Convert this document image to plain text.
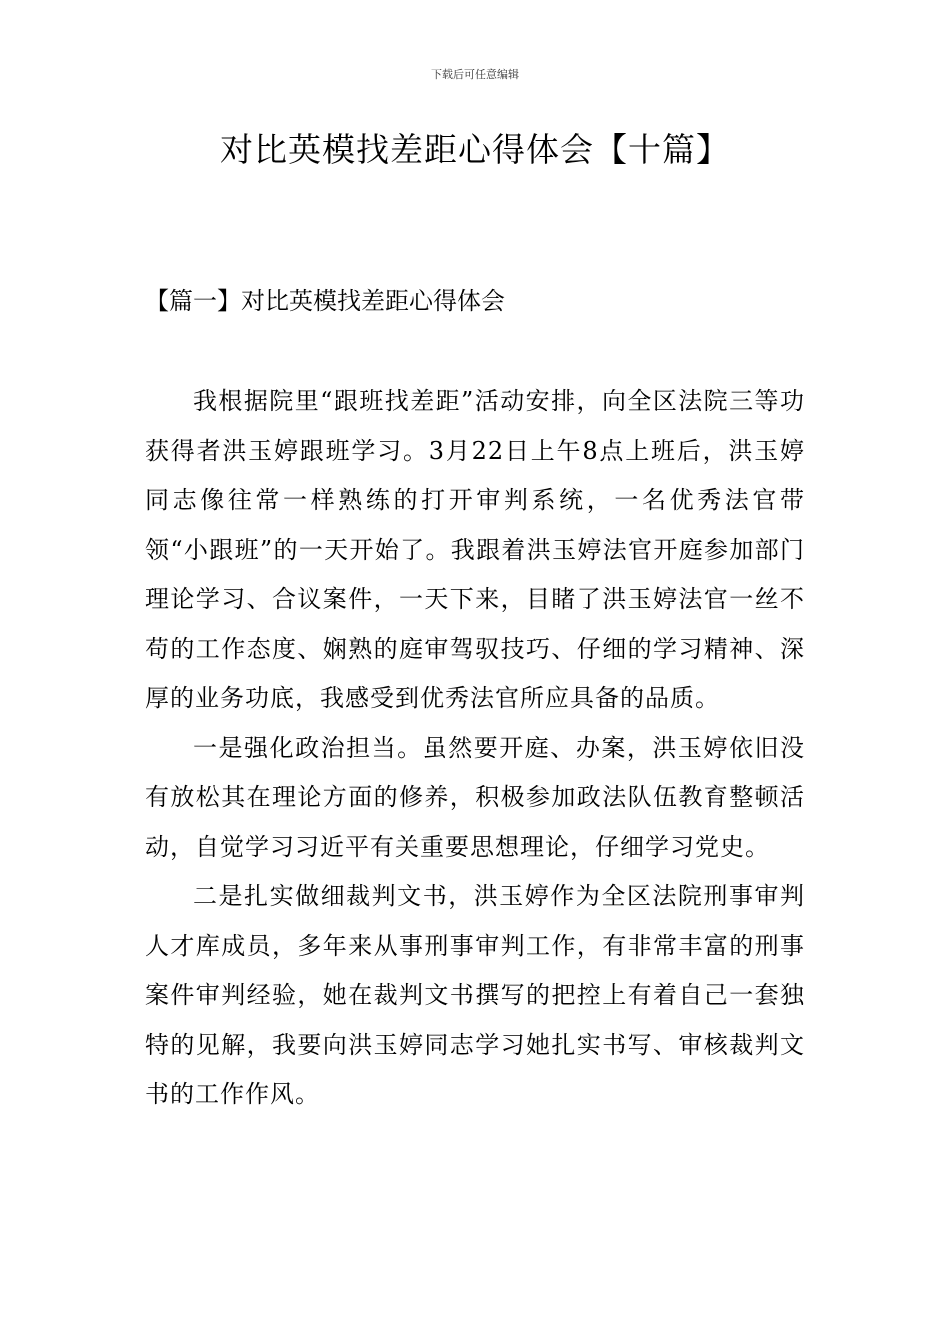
下载后可任意编辑
对比英模找差距心得体会【十篇】
【篇一】对比英模找差距心得体会

我根据院里“跟班找差距”活动安排，向全区法院三等功获得者洪玉婷跟班学习。3月22日上午8点上班后，洪玉婷同志像往常一样熟练的打开审判系统，一名优秀法官带领“小跟班”的一天开始了。我跟着洪玉婷法官开庭参加部门理论学习、合议案件，一天下来，目睹了洪玉婷法官一丝不苟的工作态度、娴熟的庭审驾驭技巧、仔细的学习精神、深厚的业务功底，我感受到优秀法官所应具备的品质。

一是强化政治担当。虽然要开庭、办案，洪玉婷依旧没有放松其在理论方面的修养，积极参加政法队伍教育整顿活动，自觉学习习近平有关重要思想理论，仔细学习党史。

二是扎实做细裁判文书，洪玉婷作为全区法院刑事审判人才库成员，多年来从事刑事审判工作，有非常丰富的刑事案件审判经验，她在裁判文书撰写的把控上有着自己一套独特的见解，我要向洪玉婷同志学习她扎实书写、审核裁判文书的工作作风。
